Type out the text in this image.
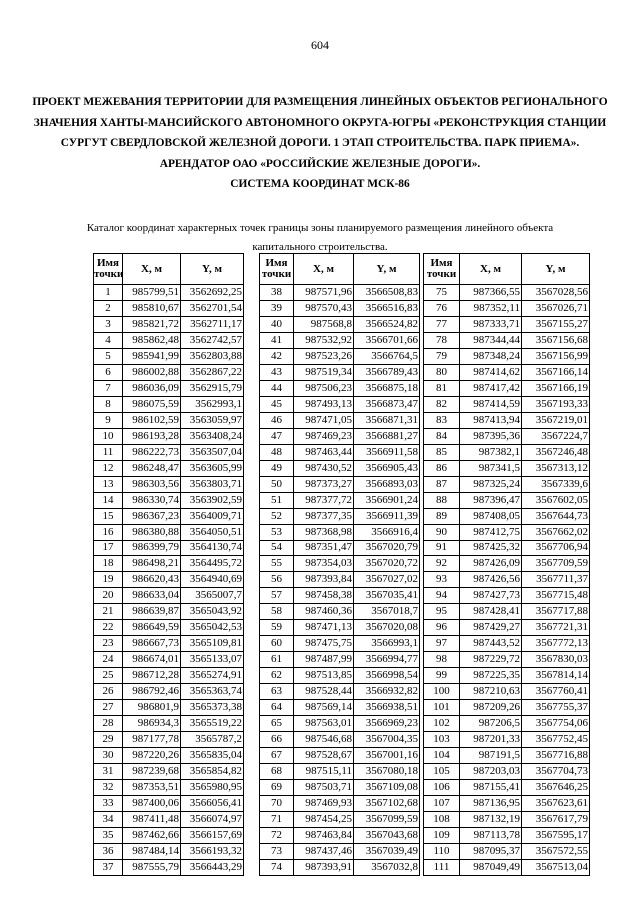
604
ПРОЕКТ МЕЖЕВАНИЯ ТЕРРИТОРИИ ДЛЯ РАЗМЕЩЕНИЯ ЛИНЕЙНЫХ ОБЪЕКТОВ РЕГИОНАЛЬНОГО
ЗНАЧЕНИЯ ХАНТЫ-МАНСИЙСКОГО АВТОНОМНОГО ОКРУГА-ЮГРЫ «РЕКОНСТРУКЦИЯ СТАНЦИИ
СУРГУТ СВЕРДЛОВСКОЙ ЖЕЛЕЗНОЙ ДОРОГИ. 1 ЭТАП СТРОИТЕЛЬСТВА. ПАРК ПРИЕМА».
АРЕНДАТОР ОАО «РОССИЙСКИЕ ЖЕЛЕЗНЫЕ ДОРОГИ».
СИСТЕМА КООРДИНАТ МСК-86
Каталог координат характерных точек границы зоны планируемого размещения линейного объекта
капитального строительства.
Имя
точки	X, м	Y, м
1	985799,51	3562692,25
2	985810,67	3562701,54
3	985821,72	3562711,17
4	985862,48	3562742,57
5	985941,99	3562803,88
6	986002,88	3562867,22
7	986036,09	3562915,79
8	986075,59	3562993,1
9	986102,59	3563059,97
10	986193,28	3563408,24
11	986222,73	3563507,04
12	986248,47	3563605,99
13	986303,56	3563803,71
14	986330,74	3563902,59
15	986367,23	3564009,71
16	986380,88	3564050,51
17	986399,79	3564130,74
18	986498,21	3564495,72
19	986620,43	3564940,69
20	986633,04	3565007,7
21	986639,87	3565043,92
22	986649,59	3565042,53
23	986667,73	3565109,81
24	986674,01	3565133,07
25	986712,28	3565274,91
26	986792,46	3565363,74
27	986801,9	3565373,38
28	986934,3	3565519,22
29	987177,78	3565787,2
30	987220,26	3565835,04
31	987239,68	3565854,82
32	987353,51	3565980,95
33	987400,06	3566056,41
34	987411,48	3566074,97
35	987462,66	3566157,69
36	987484,14	3566193,32
37	987555,79	3566443,29
Имя
точки	X, м	Y, м
38	987571,96	3566508,83
39	987570,43	3566516,83
40	987568,8	3566524,82
41	987532,92	3566701,66
42	987523,26	3566764,5
43	987519,34	3566789,43
44	987506,23	3566875,18
45	987493,13	3566873,47
46	987471,05	3566871,31
47	987469,23	3566881,27
48	987463,44	3566911,58
49	987430,52	3566905,43
50	987373,27	3566893,03
51	987377,72	3566901,24
52	987377,35	3566911,39
53	987368,98	3566916,4
54	987351,47	3567020,79
55	987354,03	3567020,72
56	987393,84	3567027,02
57	987458,38	3567035,41
58	987460,36	3567018,7
59	987471,13	3567020,08
60	987475,75	3566993,1
61	987487,99	3566994,77
62	987513,85	3566998,54
63	987528,44	3566932,82
64	987569,14	3566938,51
65	987563,01	3566969,23
66	987546,68	3567004,35
67	987528,67	3567001,16
68	987515,11	3567080,18
69	987503,71	3567109,08
70	987469,93	3567102,68
71	987454,25	3567099,59
72	987463,84	3567043,68
73	987437,46	3567039,49
74	987393,91	3567032,8
Имя
точки	X, м	Y, м
75	987366,55	3567028,56
76	987352,11	3567026,71
77	987333,71	3567155,27
78	987344,44	3567156,68
79	987348,24	3567156,99
80	987414,62	3567166,14
81	987417,42	3567166,19
82	987414,59	3567193,33
83	987413,94	3567219,01
84	987395,36	3567224,7
85	987382,1	3567246,48
86	987341,5	3567313,12
87	987325,24	3567339,6
88	987396,47	3567602,05
89	987408,05	3567644,73
90	987412,75	3567662,02
91	987425,32	3567706,94
92	987426,09	3567709,59
93	987426,56	3567711,37
94	987427,73	3567715,48
95	987428,41	3567717,88
96	987429,27	3567721,31
97	987443,52	3567772,13
98	987229,72	3567830,03
99	987225,35	3567814,14
100	987210,63	3567760,41
101	987209,26	3567755,37
102	987206,5	3567754,06
103	987201,33	3567752,45
104	987191,5	3567716,88
105	987203,03	3567704,73
106	987155,41	3567646,25
107	987136,95	3567623,61
108	987132,19	3567617,79
109	987113,78	3567595,17
110	987095,37	3567572,55
111	987049,49	3567513,04
